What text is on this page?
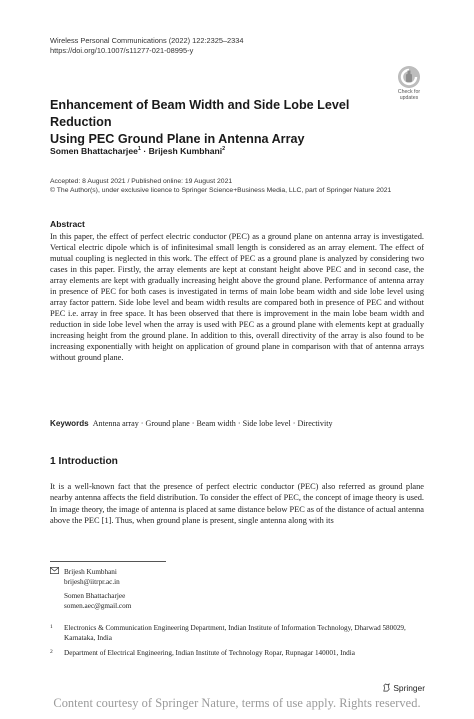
Wireless Personal Communications (2022) 122:2325–2334
https://doi.org/10.1007/s11277-021-08995-y
Check for
updates
Enhancement of Beam Width and Side Lobe Level Reduction
Using PEC Ground Plane in Antenna Array
Somen Bhattacharjee$^1$ · Brijesh Kumbhani$^2$
Accepted: 8 August 2021 / Published online: 19 August 2021
© The Author(s), under exclusive licence to Springer Science+Business Media, LLC, part of Springer Nature 2021
Abstract
In this paper, the effect of perfect electric conductor (PEC) as a ground plane on antenna array is investigated. Vertical electric dipole which is of infinitesimal small length is considered as an array element. The effect of mutual coupling is neglected in this work. The effect of PEC as a ground plane is analyzed by considering two cases in this paper. Firstly, the array elements are kept at constant height above PEC and in second case, the array elements are kept with gradually increasing height above the ground plane. Performance of antenna array in presence of PEC for both cases is investigated in terms of main lobe beam width and side lobe level using array factor pattern. Side lobe level and beam width results are compared both in presence of PEC and without PEC i.e. array in free space. It has been observed that there is improvement in the main lobe beam width and reduction in side lobe level when the array is used with PEC as a ground plane with elements kept at gradually increasing height from the ground plane. In addition to this, overall directivity of the array is also found to be increasing exponentially with height on application of ground plane in comparison with that of antenna arrays without ground plane.
Keywords Antenna array · Ground plane · Beam width · Side lobe level · Directivity
1 Introduction
It is a well-known fact that the presence of perfect electric conductor (PEC) also referred as ground plane nearby antenna affects the field distribution. To consider the effect of PEC, the concept of image theory is used. In image theory, the image of antenna is placed at same distance below PEC as of the distance of actual antenna above the PEC [1]. Thus, when ground plane is present, single antenna along with its
Brijesh Kumbhani
brijesh@iitrpr.ac.in
Somen Bhattacharjee
somen.aec@gmail.com
1	Electronics & Communication Engineering Department, Indian Institute of Information Technology, Dharwad 580029, Karnataka, India
2	Department of Electrical Engineering, Indian Institute of Technology Ropar, Rupnagar 140001, India
Springer
Content courtesy of Springer Nature, terms of use apply. Rights reserved.
